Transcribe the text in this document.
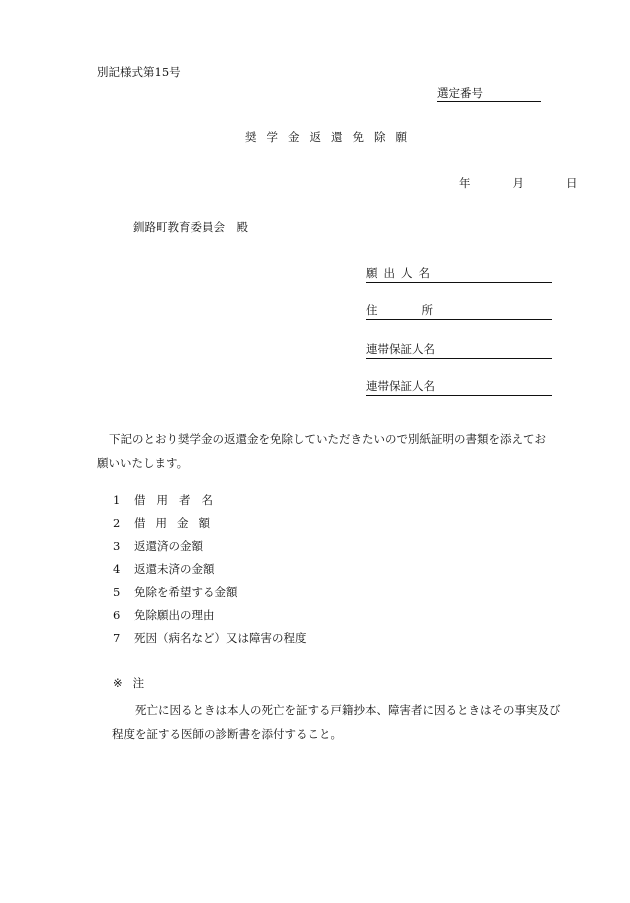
別記様式第15号
選定番号
奨学金返還免除願
年	月	日
釧路町教育委員会　殿
願出人名
住	所
連帯保証人名
連帯保証人名
下記のとおり奨学金の返還金を免除していただきたいので別紙証明の書類を添えてお願いいたします。
1 借用者名
2 借用金額
3 返還済の金額
4 返還未済の金額
5 免除を希望する金額
6 免除願出の理由
7 死因（病名など）又は障害の程度
※ 注
死亡に因るときは本人の死亡を証する戸籍抄本、障害者に因るときはその事実及び程度を証する医師の診断書を添付すること。
